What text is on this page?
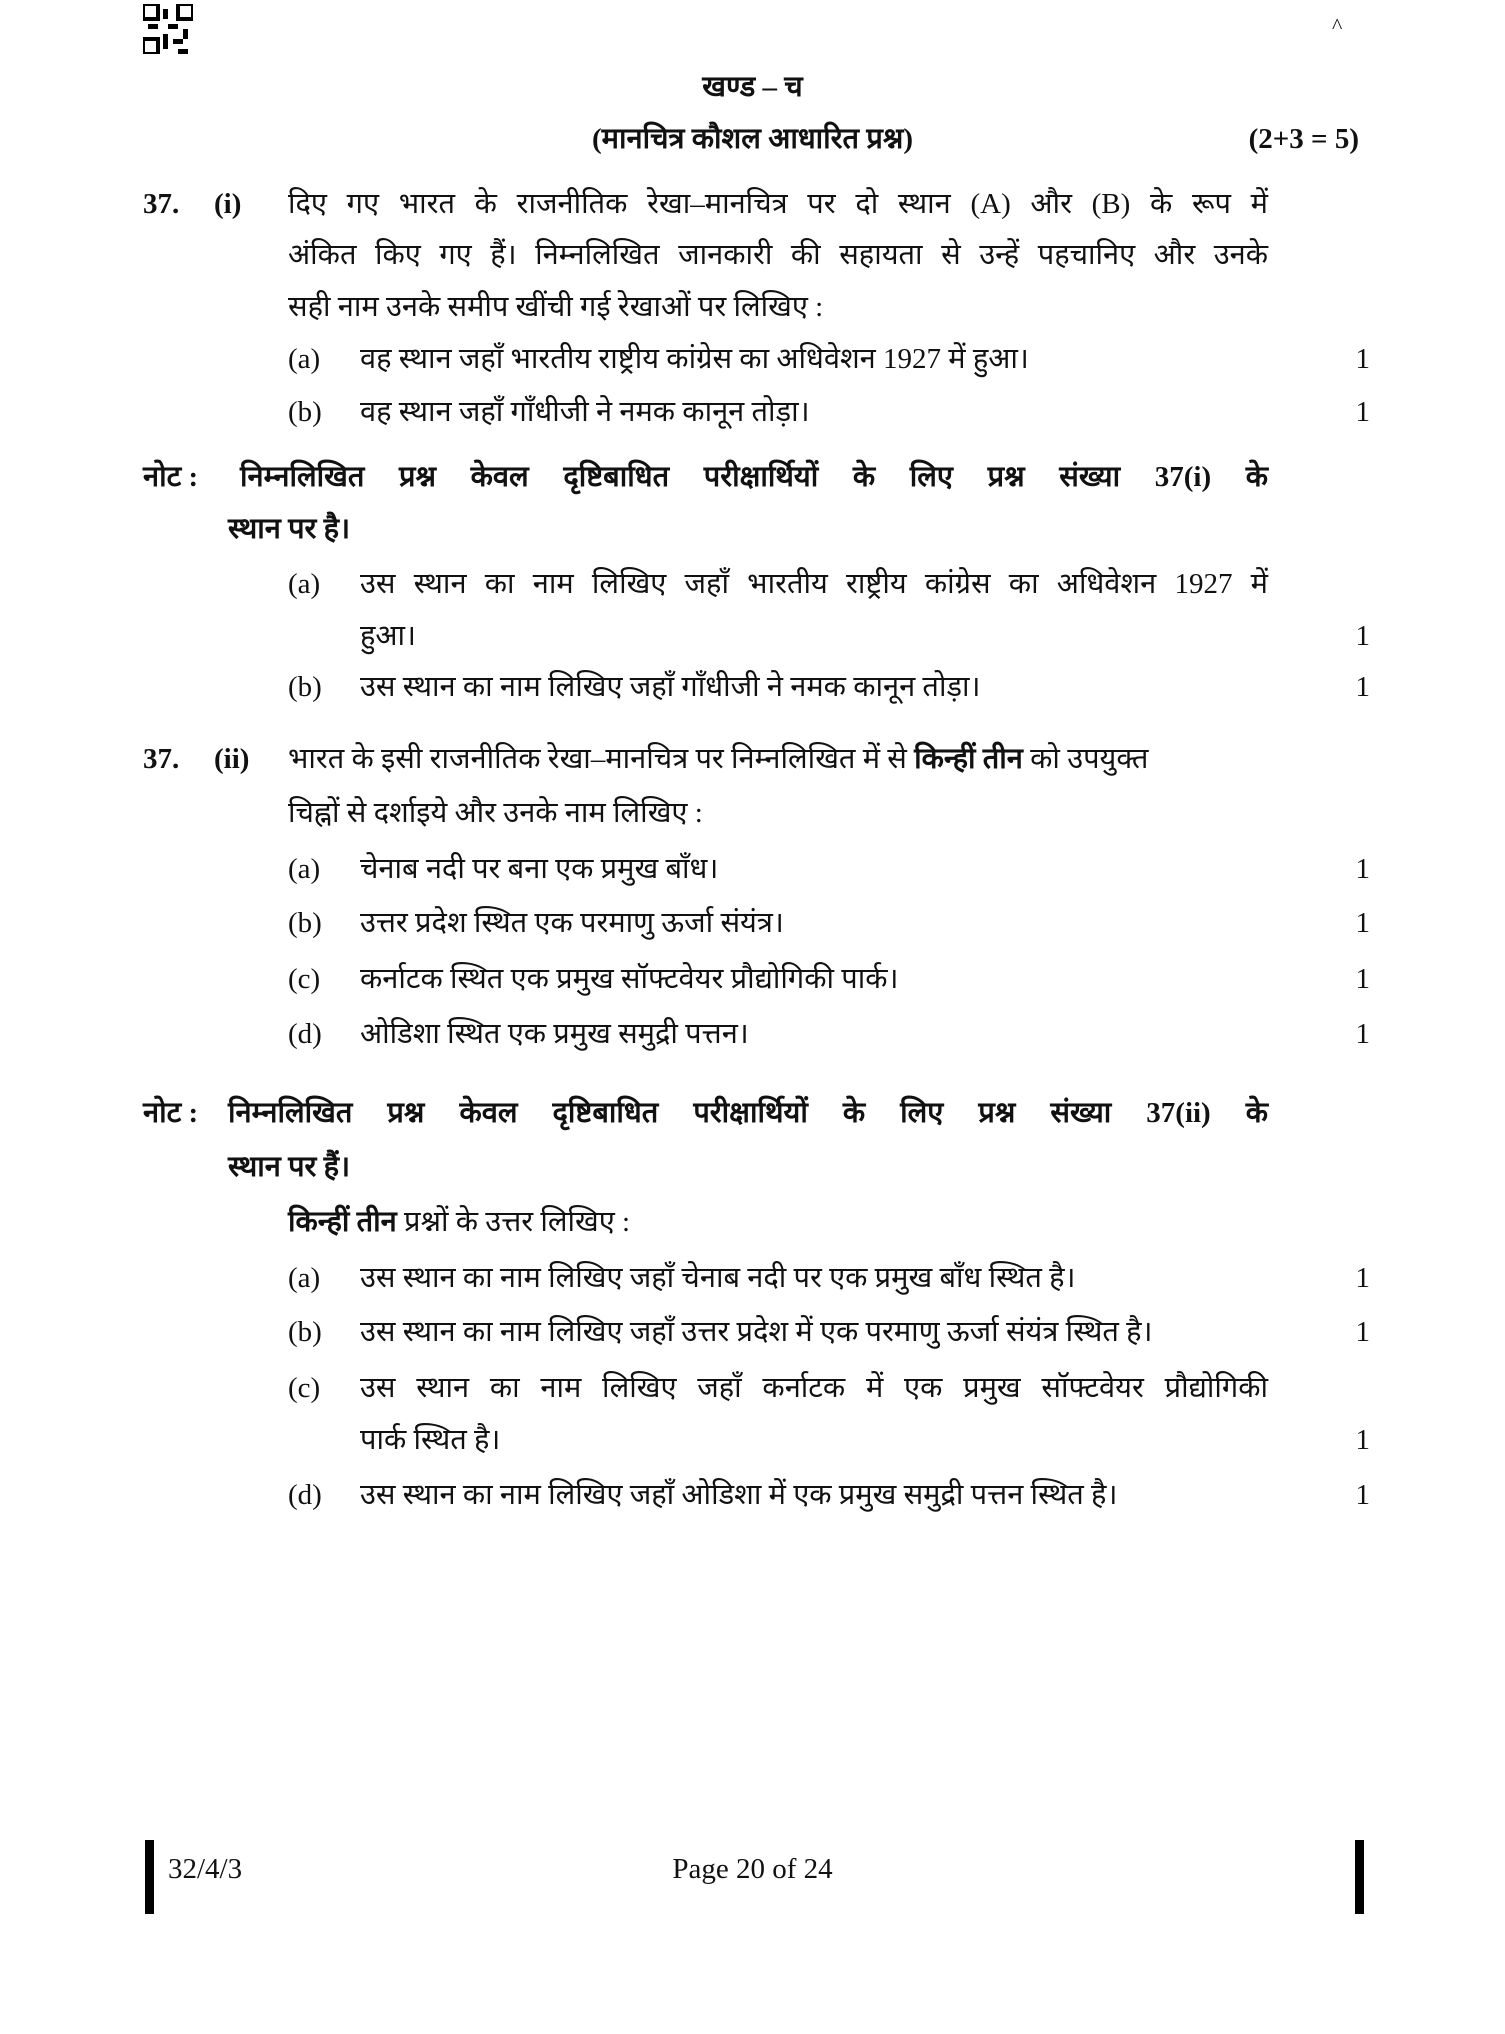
^
खण्ड – च
(मानचित्र कौशल आधारित प्रश्न)	(2+3 = 5)
37. (i) दिए गए भारत के राजनीतिक रेखा–मानचित्र पर दो स्थान (A) और (B) के रूप में
अंकित किए गए हैं। निम्नलिखित जानकारी की सहायता से उन्हें पहचानिए और उनके
सही नाम उनके समीप खींची गई रेखाओं पर लिखिए :
(a) वह स्थान जहाँ भारतीय राष्ट्रीय कांग्रेस का अधिवेशन 1927 में हुआ।	1
(b) वह स्थान जहाँ गाँधीजी ने नमक कानून तोड़ा।	1
नोट : निम्नलिखित प्रश्न केवल दृष्टिबाधित परीक्षार्थियों के लिए प्रश्न संख्या 37(i) के
स्थान पर है।
(a) उस स्थान का नाम लिखिए जहाँ भारतीय राष्ट्रीय कांग्रेस का अधिवेशन 1927 में
हुआ।	1
(b) उस स्थान का नाम लिखिए जहाँ गाँधीजी ने नमक कानून तोड़ा।	1
37. (ii) भारत के इसी राजनीतिक रेखा–मानचित्र पर निम्नलिखित में से किन्हीं तीन को उपयुक्त
चिह्नों से दर्शाइये और उनके नाम लिखिए :
(a) चेनाब नदी पर बना एक प्रमुख बाँध।	1
(b) उत्तर प्रदेश स्थित एक परमाणु ऊर्जा संयंत्र।	1
(c) कर्नाटक स्थित एक प्रमुख सॉफ्टवेयर प्रौद्योगिकी पार्क।	1
(d) ओडिशा स्थित एक प्रमुख समुद्री पत्तन।	1
नोट : निम्नलिखित प्रश्न केवल दृष्टिबाधित परीक्षार्थियों के लिए प्रश्न संख्या 37(ii) के
स्थान पर हैं।
किन्हीं तीन प्रश्नों के उत्तर लिखिए :
(a) उस स्थान का नाम लिखिए जहाँ चेनाब नदी पर एक प्रमुख बाँध स्थित है।	1
(b) उस स्थान का नाम लिखिए जहाँ उत्तर प्रदेश में एक परमाणु ऊर्जा संयंत्र स्थित है।	1
(c) उस स्थान का नाम लिखिए जहाँ कर्नाटक में एक प्रमुख सॉफ्टवेयर प्रौद्योगिकी
पार्क स्थित है।	1
(d) उस स्थान का नाम लिखिए जहाँ ओडिशा में एक प्रमुख समुद्री पत्तन स्थित है।	1
32/4/3	Page 20 of 24
